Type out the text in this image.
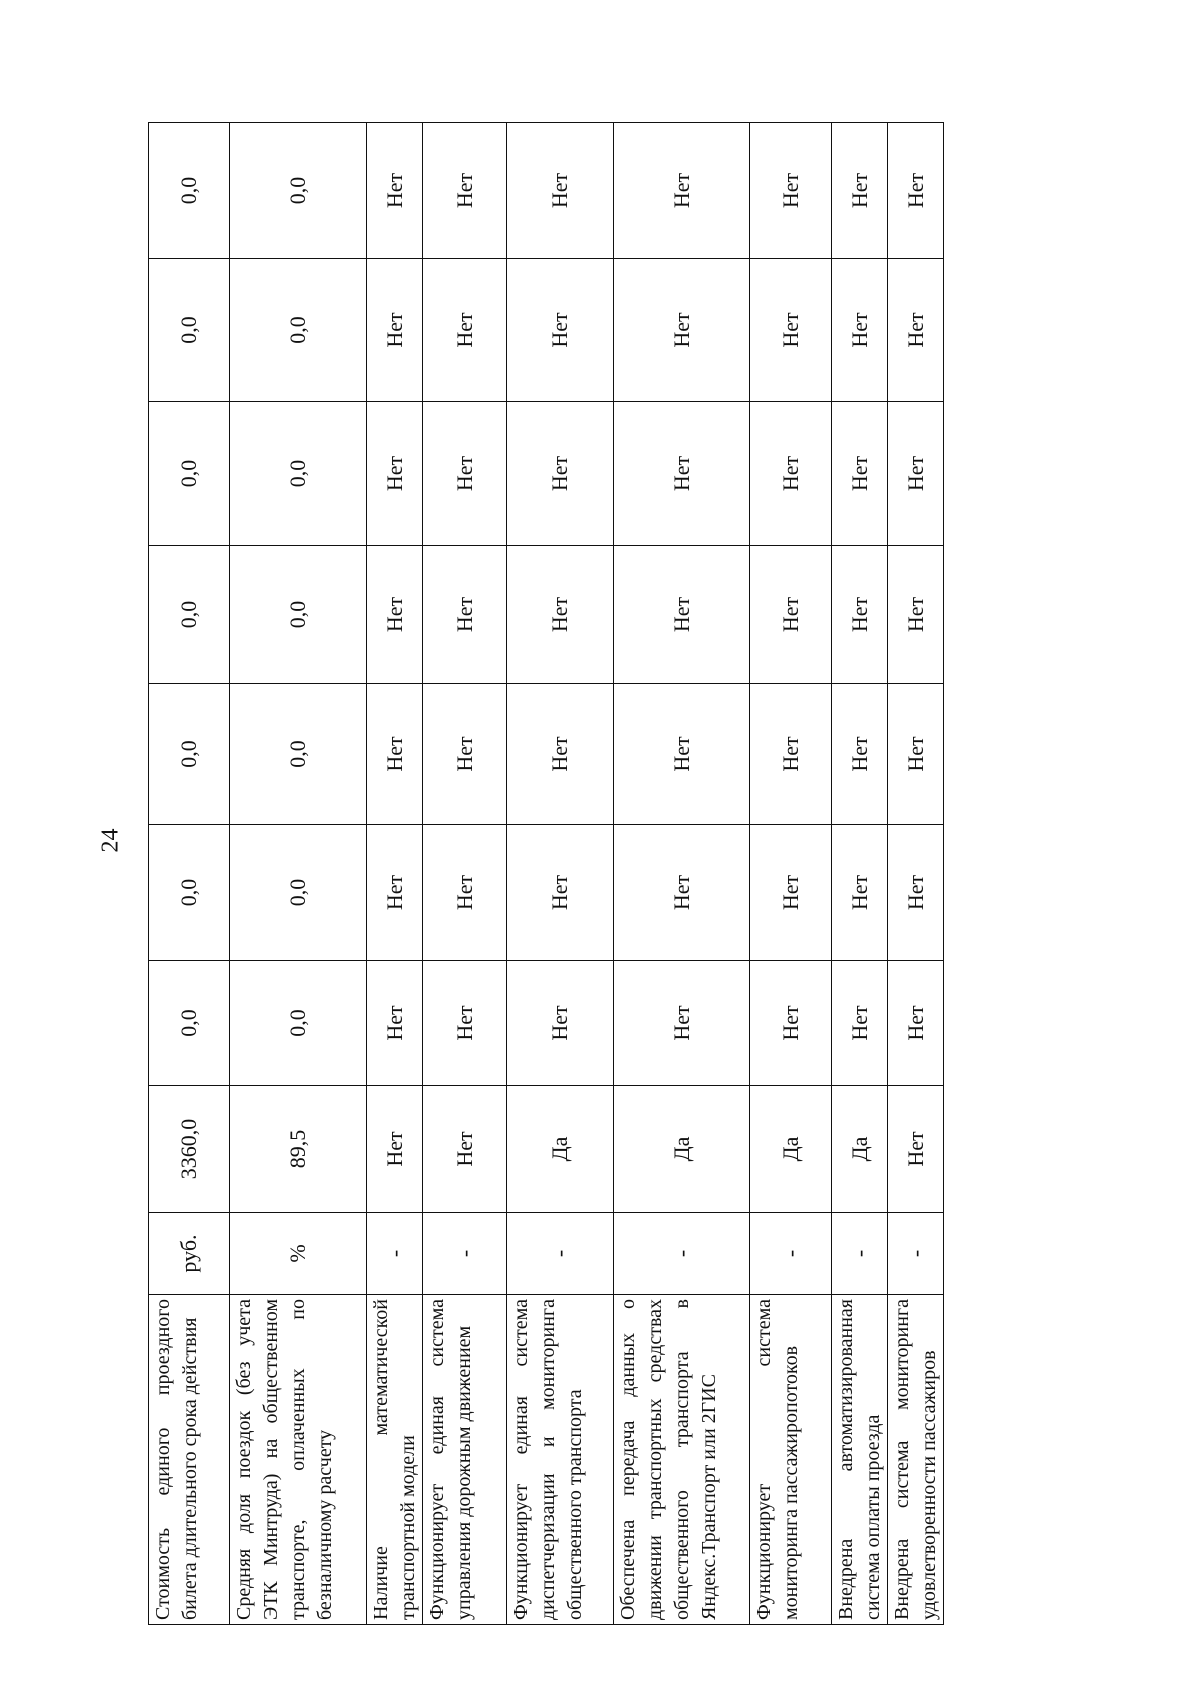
24
Стоимость единого проездного билета длительного срока действия	руб.	3360,0	0,0	0,0	0,0	0,0	0,0	0,0	0,0
Средняя доля поездок (без учета ЭТК Минтруда) на общественном транспорте, оплаченных по безналичному расчету	%	89,5	0,0	0,0	0,0	0,0	0,0	0,0	0,0
Наличие математической транспортной модели	-	Нет	Нет	Нет	Нет	Нет	Нет	Нет	Нет
Функционирует единая система управления дорожным движением	-	Нет	Нет	Нет	Нет	Нет	Нет	Нет	Нет
Функционирует единая система диспетчеризации и мониторинга общественного транспорта	-	Да	Нет	Нет	Нет	Нет	Нет	Нет	Нет
Обеспечена передача данных о движении транспортных средствах общественного транспорта в Яндекс.Транспорт или 2ГИС	-	Да	Нет	Нет	Нет	Нет	Нет	Нет	Нет
Функционирует система мониторинга пассажиропотоков	-	Да	Нет	Нет	Нет	Нет	Нет	Нет	Нет
Внедрена автоматизированная система оплаты проезда	-	Да	Нет	Нет	Нет	Нет	Нет	Нет	Нет
Внедрена система мониторинга удовлетворенности пассажиров	-	Нет	Нет	Нет	Нет	Нет	Нет	Нет	Нет
